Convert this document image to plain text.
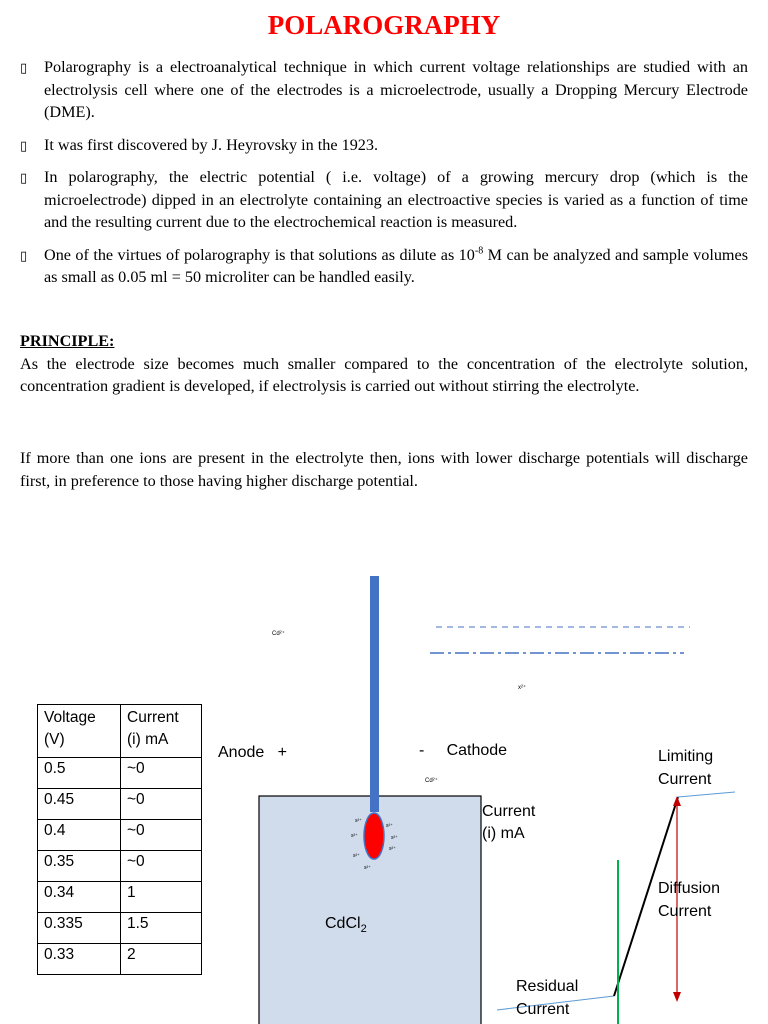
POLAROGRAPHY
▯ Polarography is a electroanalytical technique in which current voltage relationships are studied with an electrolysis cell where one of the electrodes is a microelectrode, usually a Dropping Mercury Electrode (DME).
▯ It was first discovered by J. Heyrovsky in the 1923.
▯ In polarography, the electric potential ( i.e. voltage) of a growing mercury drop (which is the microelectrode) dipped in an electrolyte containing an electroactive species is varied as a function of time and the resulting current due to the electrochemical reaction is measured.
▯ One of the virtues of polarography is that solutions as dilute as $10^{-8}$ M can be analyzed and sample volumes as small as 0.05 ml = 50 microliter can be handled easily.
PRINCIPLE:
As the electrode size becomes much smaller compared to the concentration of the electrolyte solution, concentration gradient is developed, if electrolysis is carried out without stirring the electrolyte.
If more than one ions are present in the electrolyte then, ions with lower discharge potentials will discharge first, in preference to those having higher discharge potential.
Cd²⁺
x²⁺
Cd²⁺
s²⁺
s²⁺
s²⁺
s²⁺
s²⁺
s²⁺
s²⁺
Anode +	- Cathode
CdCl$_2$
Current
(i) mA
Limiting
Current
Diffusion
Current
Residual
Current
Voltage (V)	Current (i) mA
0.5	~0
0.45	~0
0.4	~0
0.35	~0
0.34	1
0.335	1.5
0.33	2
